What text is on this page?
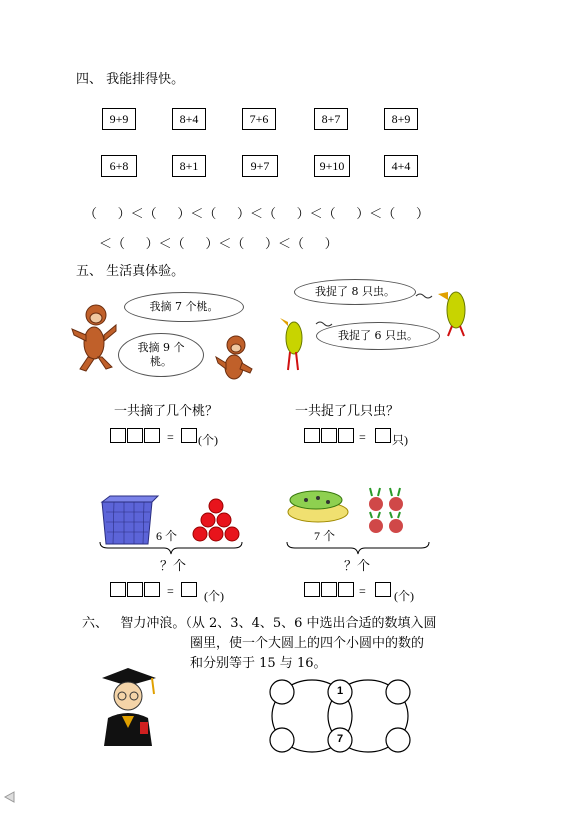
四、 我能排得快。
9+9	8+4	7+6	8+7	8+9
6+8	8+1	9+7	9+10	4+4
（     ）＜（     ）＜（     ）＜（     ）＜（     ）＜（     ）
＜（     ）＜（     ）＜（     ）＜（     ）
五、 生活真体验。
我摘 7 个桃。
我摘 9 个
桃。
我捉了 8 只虫。
我捉了 6 只虫。
一共摘了几个桃？	一共捉了几只虫？
= (个)	= 只)
6 个
？个
7 个
？个
=	(个)	= (个)
六、   智力冲浪。（从 2、3、4、5、6 中选出合适的数填入圆
圈里，使一个大圆上的四个小圆中的数的
和分别等于 15 与 16。
1
7
